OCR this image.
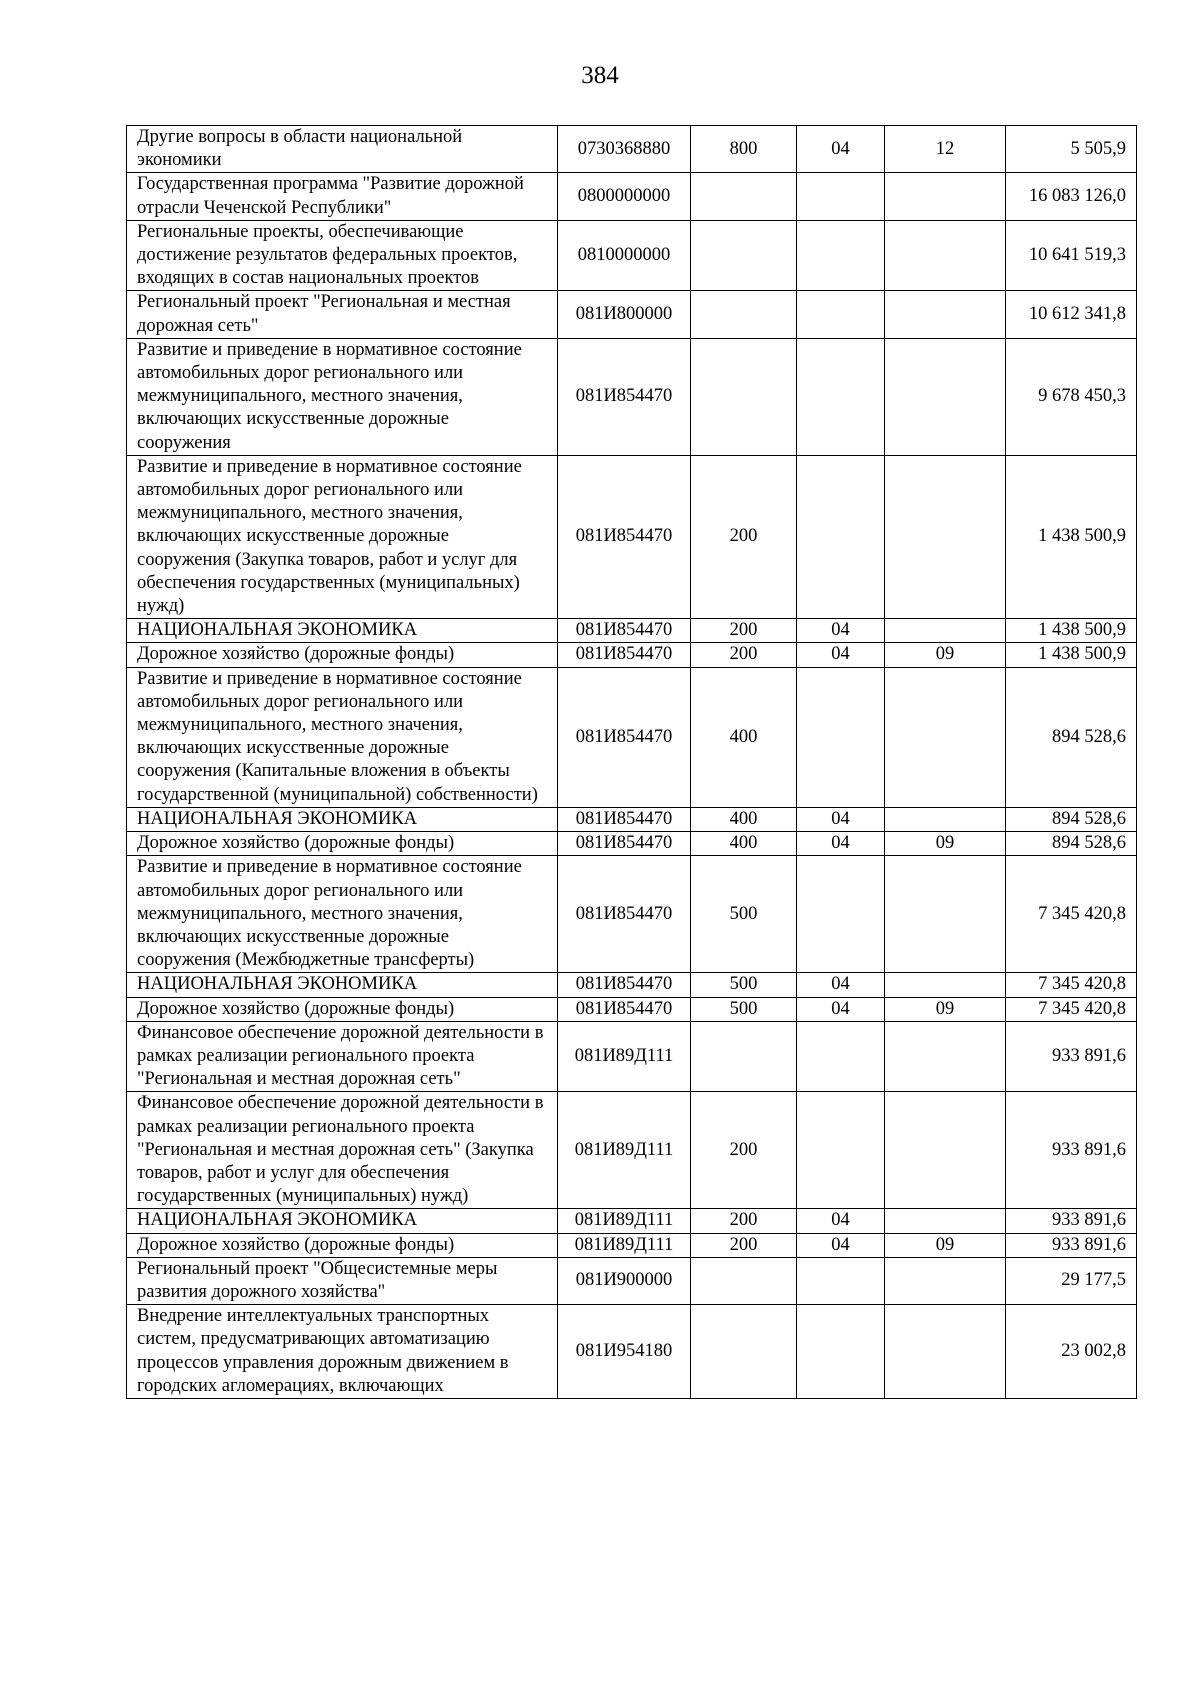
384
Другие вопросы в области национальной экономики	0730368880	800	04	12	5 505,9
Государственная программа "Развитие дорожной отрасли Чеченской Республики"	0800000000				16 083 126,0
Региональные проекты, обеспечивающие достижение результатов федеральных проектов, входящих в состав национальных проектов	0810000000				10 641 519,3
Региональный проект "Региональная и местная дорожная сеть"	081И800000				10 612 341,8
Развитие и приведение в нормативное состояние автомобильных дорог регионального или межмуниципального, местного значения, включающих искусственные дорожные сооружения	081И854470				9 678 450,3
Развитие и приведение в нормативное состояние автомобильных дорог регионального или межмуниципального, местного значения, включающих искусственные дорожные сооружения (Закупка товаров, работ и услуг для обеспечения государственных (муниципальных) нужд)	081И854470	200			1 438 500,9
НАЦИОНАЛЬНАЯ ЭКОНОМИКА	081И854470	200	04		1 438 500,9
Дорожное хозяйство (дорожные фонды)	081И854470	200	04	09	1 438 500,9
Развитие и приведение в нормативное состояние автомобильных дорог регионального или межмуниципального, местного значения, включающих искусственные дорожные сооружения (Капитальные вложения в объекты государственной (муниципальной) собственности)	081И854470	400			894 528,6
НАЦИОНАЛЬНАЯ ЭКОНОМИКА	081И854470	400	04		894 528,6
Дорожное хозяйство (дорожные фонды)	081И854470	400	04	09	894 528,6
Развитие и приведение в нормативное состояние автомобильных дорог регионального или межмуниципального, местного значения, включающих искусственные дорожные сооружения (Межбюджетные трансферты)	081И854470	500			7 345 420,8
НАЦИОНАЛЬНАЯ ЭКОНОМИКА	081И854470	500	04		7 345 420,8
Дорожное хозяйство (дорожные фонды)	081И854470	500	04	09	7 345 420,8
Финансовое обеспечение дорожной деятельности в рамках реализации регионального проекта "Региональная и местная дорожная сеть"	081И89Д111				933 891,6
Финансовое обеспечение дорожной деятельности в рамках реализации регионального проекта "Региональная и местная дорожная сеть" (Закупка товаров, работ и услуг для обеспечения государственных (муниципальных) нужд)	081И89Д111	200			933 891,6
НАЦИОНАЛЬНАЯ ЭКОНОМИКА	081И89Д111	200	04		933 891,6
Дорожное хозяйство (дорожные фонды)	081И89Д111	200	04	09	933 891,6
Региональный проект "Общесистемные меры развития дорожного хозяйства"	081И900000				29 177,5
Внедрение интеллектуальных транспортных систем, предусматривающих автоматизацию процессов управления дорожным движением в городских агломерациях, включающих	081И954180				23 002,8
